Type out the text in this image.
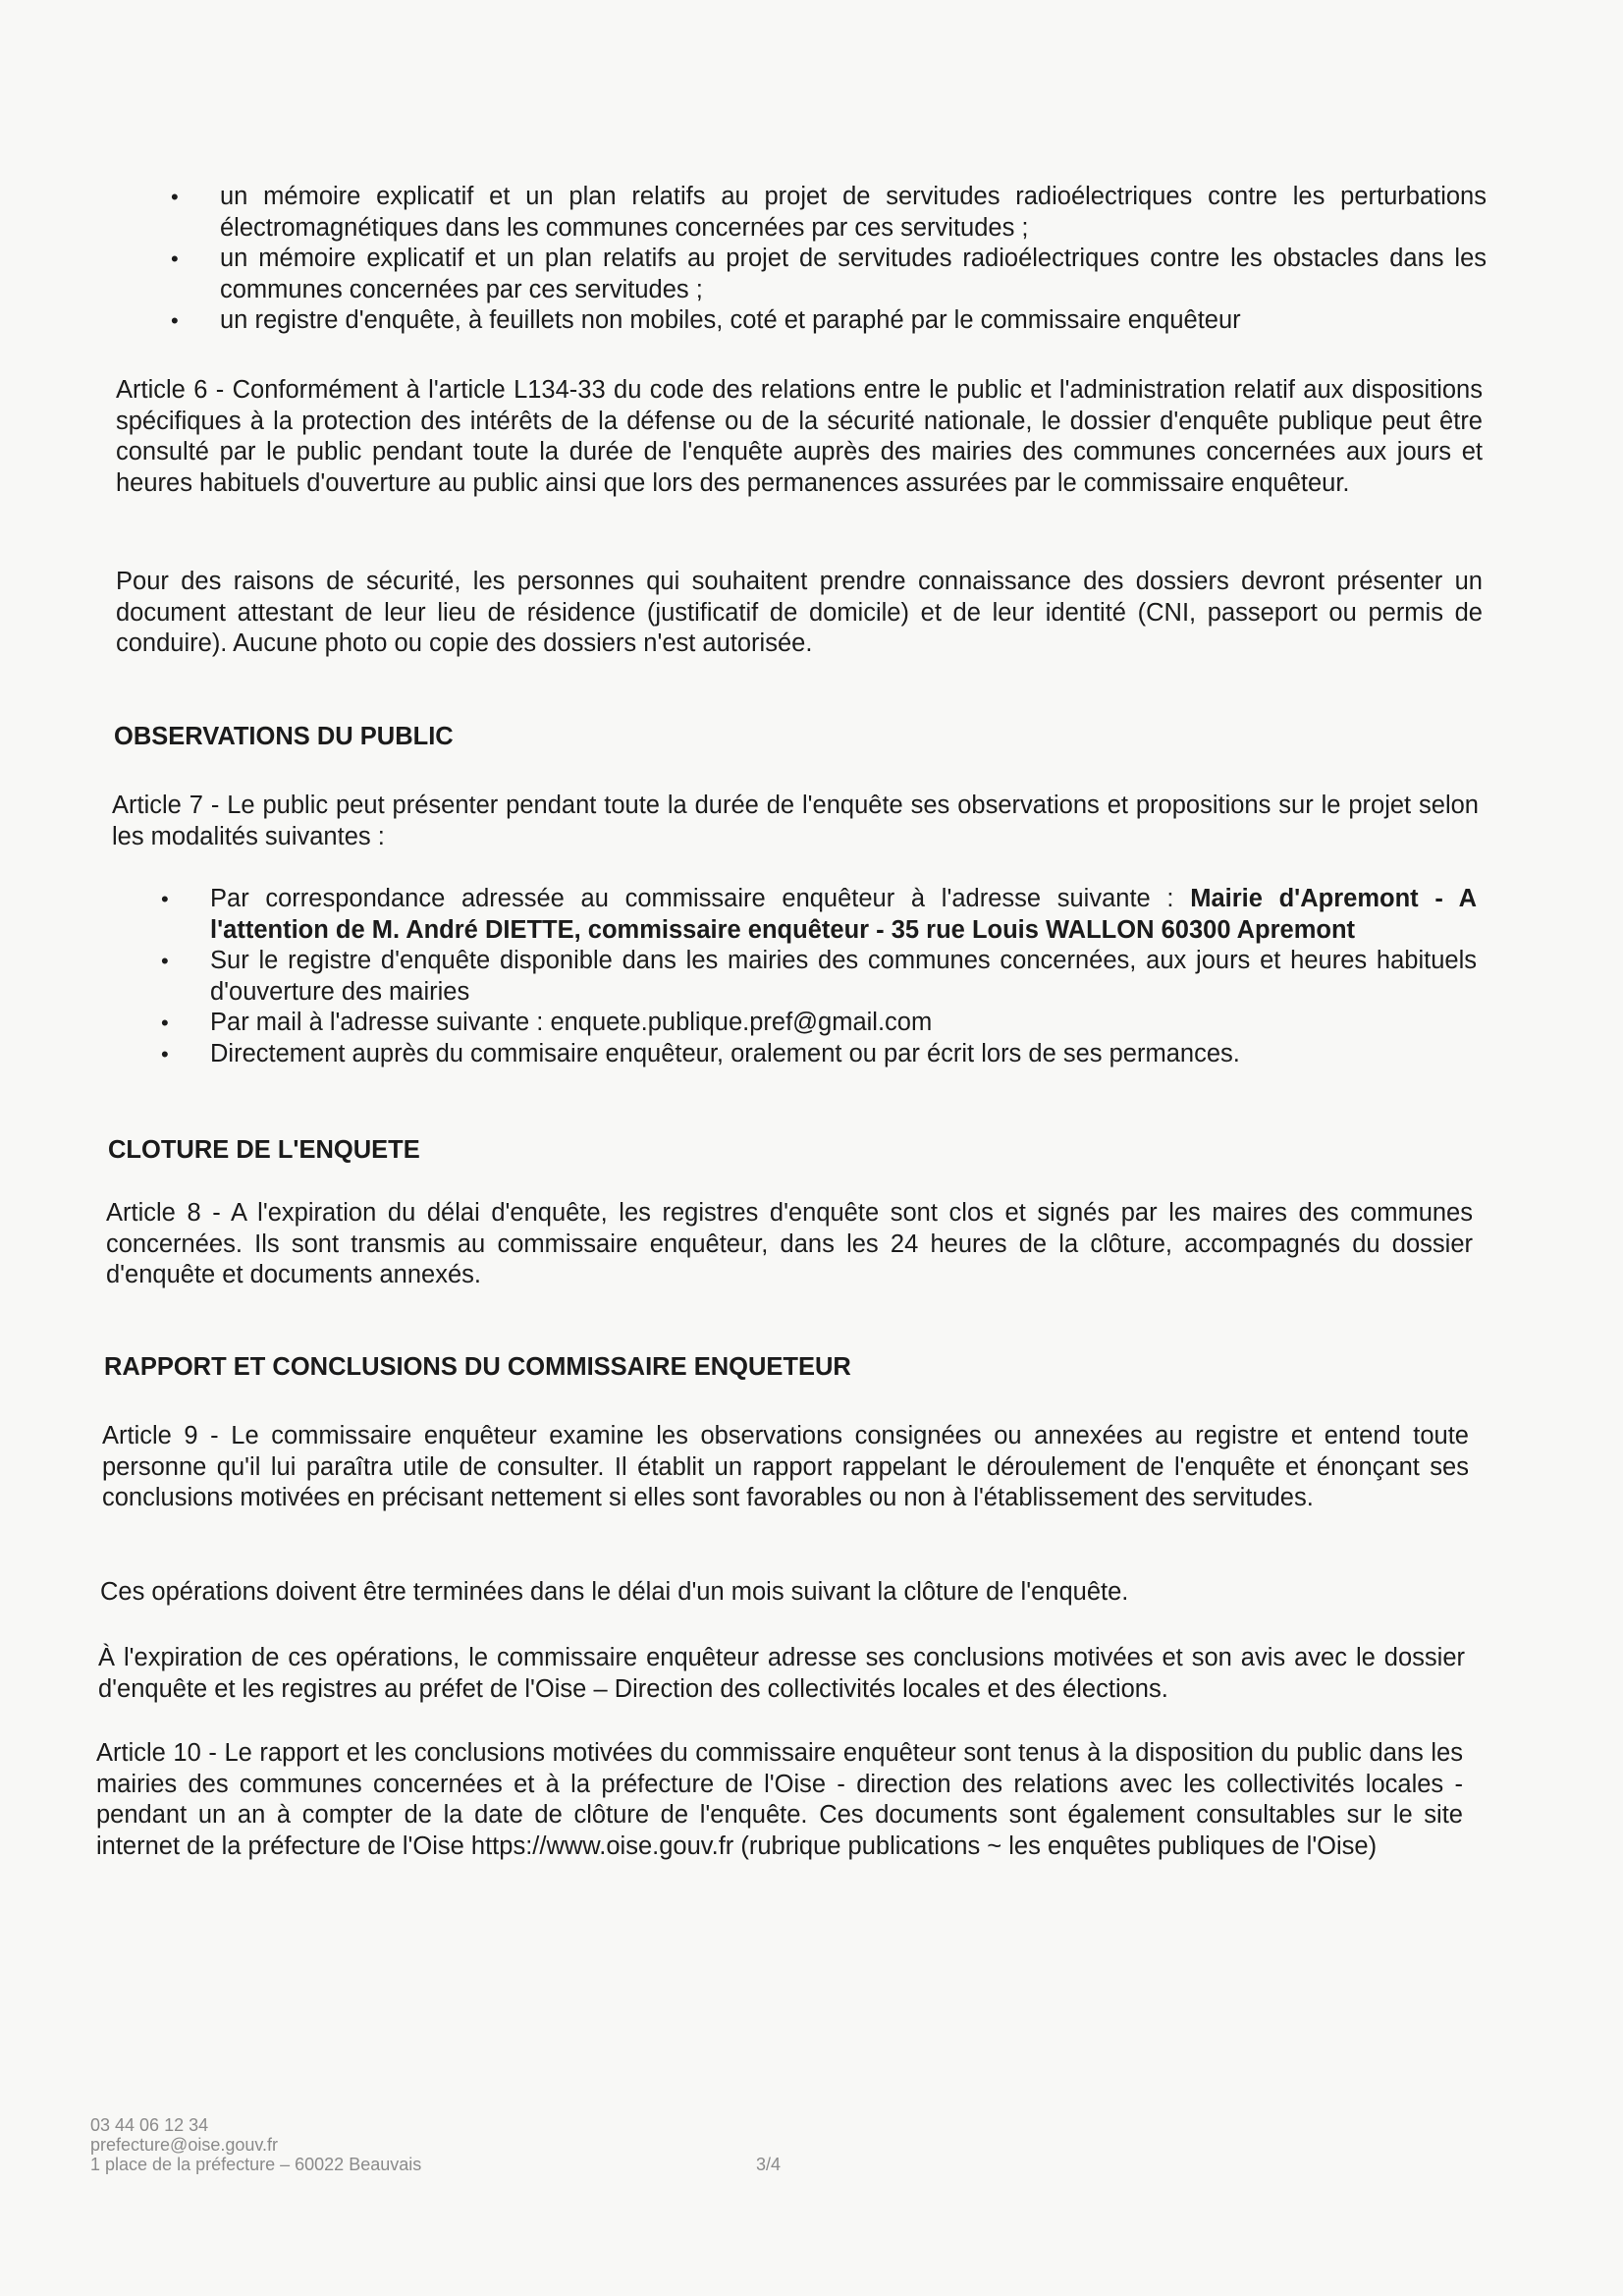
• un mémoire explicatif et un plan relatifs au projet de servitudes radioélectriques contre les perturbations électromagnétiques dans les communes concernées par ces servitudes ;
• un mémoire explicatif et un plan relatifs au projet de servitudes radioélectriques contre les obstacles dans les communes concernées par ces servitudes ;
• un registre d'enquête, à feuillets non mobiles, coté et paraphé par le commissaire enquêteur

Article 6 - Conformément à l'article L134-33 du code des relations entre le public et l'administration relatif aux dispositions spécifiques à la protection des intérêts de la défense ou de la sécurité nationale, le dossier d'enquête publique peut être consulté par le public pendant toute la durée de l'enquête auprès des mairies des communes concernées aux jours et heures habituels d'ouverture au public ainsi que lors des permanences assurées par le commissaire enquêteur.

Pour des raisons de sécurité, les personnes qui souhaitent prendre connaissance des dossiers devront présenter un document attestant de leur lieu de résidence (justificatif de domicile) et de leur identité (CNI, passeport ou permis de conduire). Aucune photo ou copie des dossiers n'est autorisée.

OBSERVATIONS DU PUBLIC

Article 7 - Le public peut présenter pendant toute la durée de l'enquête ses observations et propositions sur le projet selon les modalités suivantes :

• Par correspondance adressée au commissaire enquêteur à l'adresse suivante : Mairie d'Apremont - A l'attention de M. André DIETTE, commissaire enquêteur - 35 rue Louis WALLON 60300 Apremont
• Sur le registre d'enquête disponible dans les mairies des communes concernées, aux jours et heures habituels d'ouverture des mairies
• Par mail à l'adresse suivante : enquete.publique.pref@gmail.com
• Directement auprès du commisaire enquêteur, oralement ou par écrit lors de ses permances.
CLOTURE DE L'ENQUETE

Article 8 - A l'expiration du délai d'enquête, les registres d'enquête sont clos et signés par les maires des communes concernées. Ils sont transmis au commissaire enquêteur, dans les 24 heures de la clôture, accompagnés du dossier d'enquête et documents annexés.

RAPPORT ET CONCLUSIONS DU COMMISSAIRE ENQUETEUR

Article 9 - Le commissaire enquêteur examine les observations consignées ou annexées au registre et entend toute personne qu'il lui paraîtra utile de consulter. Il établit un rapport rappelant le déroulement de l'enquête et énonçant ses conclusions motivées en précisant nettement si elles sont favorables ou non à l'établissement des servitudes.

Ces opérations doivent être terminées dans le délai d'un mois suivant la clôture de l'enquête.

À l'expiration de ces opérations, le commissaire enquêteur adresse ses conclusions motivées et son avis avec le dossier d'enquête et les registres au préfet de l'Oise – Direction des collectivités locales et des élections.

Article 10 - Le rapport et les conclusions motivées du commissaire enquêteur sont tenus à la disposition du public dans les mairies des communes concernées et à la préfecture de l'Oise - direction des relations avec les collectivités locales - pendant un an à compter de la date de clôture de l'enquête. Ces documents sont également consultables sur le site internet de la préfecture de l'Oise https://www.oise.gouv.fr (rubrique publications ~ les enquêtes publiques de l'Oise)

03 44 06 12 34
prefecture@oise.gouv.fr
1 place de la préfecture – 60022 Beauvais	3/4
